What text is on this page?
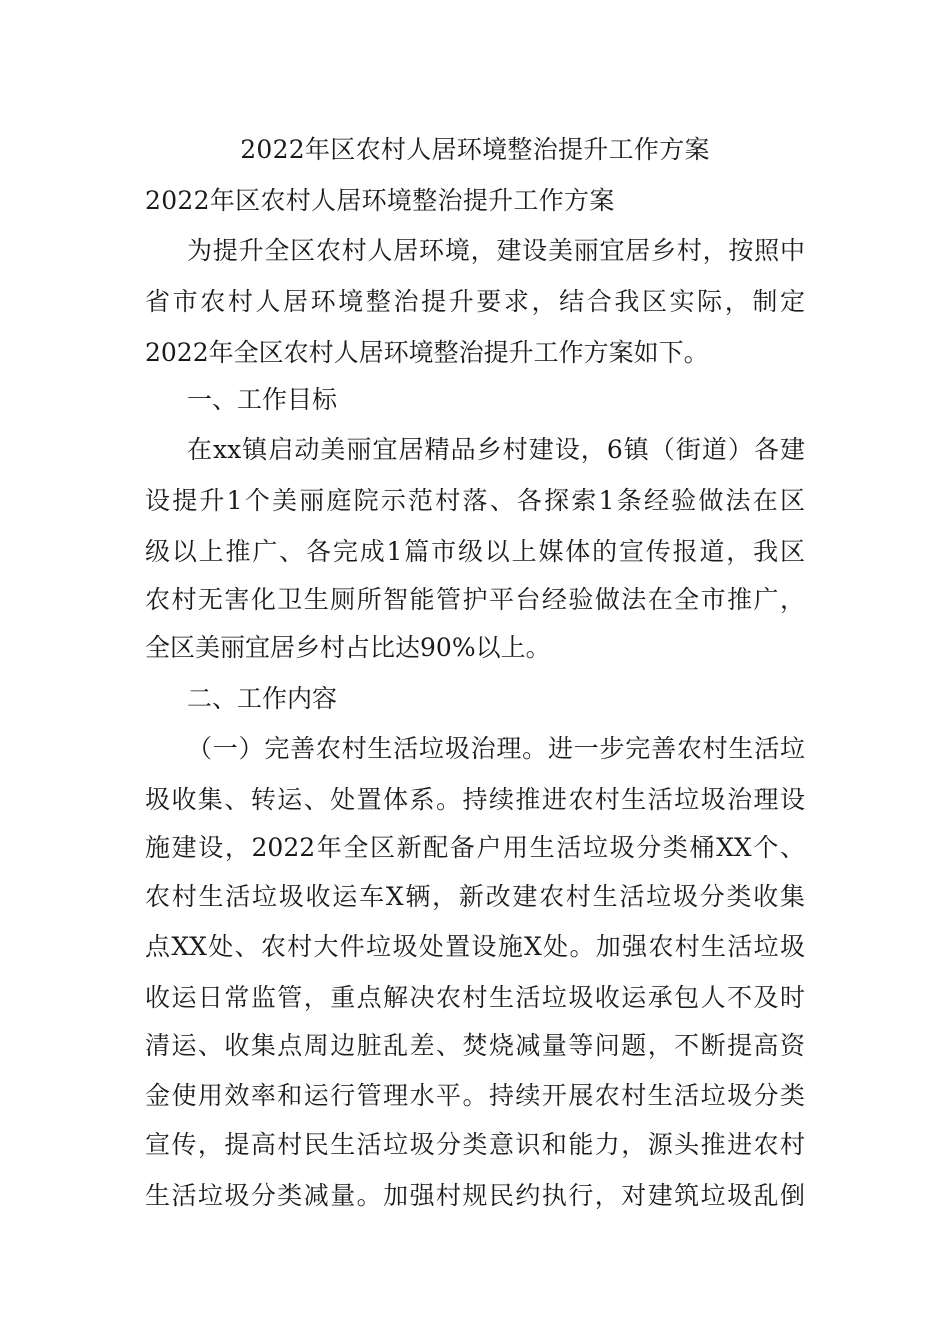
2022年区农村人居环境整治提升工作方案
2022年区农村人居环境整治提升工作方案
为提升全区农村人居环境，建设美丽宜居乡村，按照中
省市农村人居环境整治提升要求，结合我区实际，制定
2022年全区农村人居环境整治提升工作方案如下。
一、工作目标
在xx镇启动美丽宜居精品乡村建设，6镇（街道）各建
设提升1个美丽庭院示范村落、各探索1条经验做法在区
级以上推广、各完成1篇市级以上媒体的宣传报道，我区
农村无害化卫生厕所智能管护平台经验做法在全市推广，
全区美丽宜居乡村占比达90%以上。
二、工作内容
（一）完善农村生活垃圾治理。进一步完善农村生活垃
圾收集、转运、处置体系。持续推进农村生活垃圾治理设
施建设，2022年全区新配备户用生活垃圾分类桶XX个、
农村生活垃圾收运车X辆，新改建农村生活垃圾分类收集
点XX处、农村大件垃圾处置设施X处。加强农村生活垃圾
收运日常监管，重点解决农村生活垃圾收运承包人不及时
清运、收集点周边脏乱差、焚烧减量等问题，不断提高资
金使用效率和运行管理水平。持续开展农村生活垃圾分类
宣传，提高村民生活垃圾分类意识和能力，源头推进农村
生活垃圾分类减量。加强村规民约执行，对建筑垃圾乱倒
